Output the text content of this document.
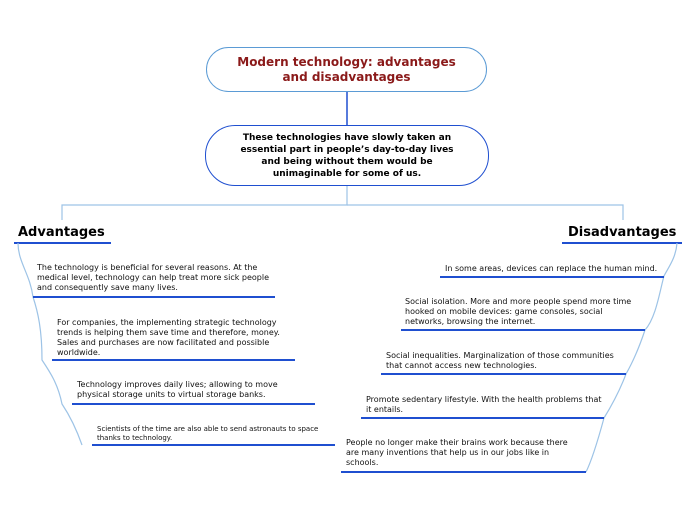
Modern technology: advantages and disadvantages
These technologies have slowly taken an essential part in people’s day-to-day lives and being without them would be unimaginable for some of us.
Advantages	Disadvantages
The technology is beneficial for several reasons. At the medical level, technology can help treat more sick people and consequently save many lives.
For companies, the implementing strategic technology trends is helping them save time and therefore, money. Sales and purchases are now facilitated and possible worldwide.
Technology improves daily lives; allowing to move physical storage units to virtual storage banks.
Scientists of the time are also able to send astronauts to space thanks to technology.
In some areas, devices can replace the human mind.
Social isolation. More and more people spend more time hooked on mobile devices: game consoles, social networks, browsing the internet.
Social inequalities. Marginalization of those communities that cannot access new technologies.
Promote sedentary lifestyle. With the health problems that it entails.
People no longer make their brains work because there are many inventions that help us in our jobs like in schools.
